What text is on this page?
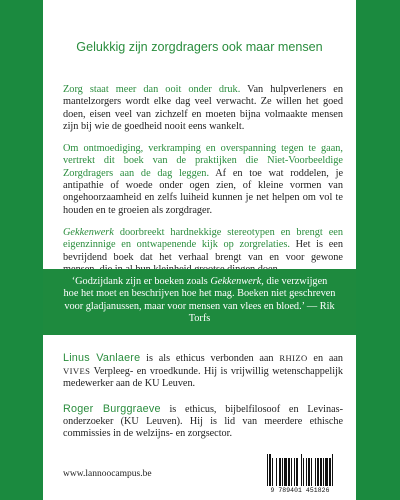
Gelukkig zijn zorgdragers ook maar mensen

Zorg staat meer dan ooit onder druk. Van hulpverleners en mantelzorgers wordt elke dag veel verwacht. Ze willen het goed doen, eisen veel van zichzelf en moeten bijna volmaakte mensen zijn bij wie de goedheid nooit eens wankelt.

Om ontmoediging, verkramping en overspanning tegen te gaan, vertrekt dit boek van de praktijken die Niet-Voorbeeldige Zorgdragers aan de dag leggen. Af en toe wat roddelen, je antipathie of woede onder ogen zien, of kleine vormen van ongehoorzaamheid en zelfs luiheid kunnen je net helpen om vol te houden en te groeien als zorgdrager.

Gekkenwerk doorbreekt hardnekkige stereotypen en brengt een eigenzinnige en ontwapenende kijk op zorgrelaties. Het is een bevrijdend boek dat het verhaal brengt van en voor gewone

‘Godzijdank zijn er boeken zoals Gekkenwerk, die verzwijgen hoe het moet en beschrijven hoe het mag. Boeken niet geschreven voor gladjanussen, maar voor mensen van vlees en bloed.’ — Rik Torfs

Linus Vanlaere is als ethicus verbonden aan RHIZO en aan VIVES Verpleeg- en vroedkunde. Hij is vrijwillig wetenschappelijk medewerker aan de KU Leuven.

Roger Burggraeve is ethicus, bijbelfilosoof en Levinas-onderzoeker (KU Leuven). Hij is lid van meerdere ethische commissies in de welzijns- en zorgsector.

www.lannoocampus.be
9 789401 451826
